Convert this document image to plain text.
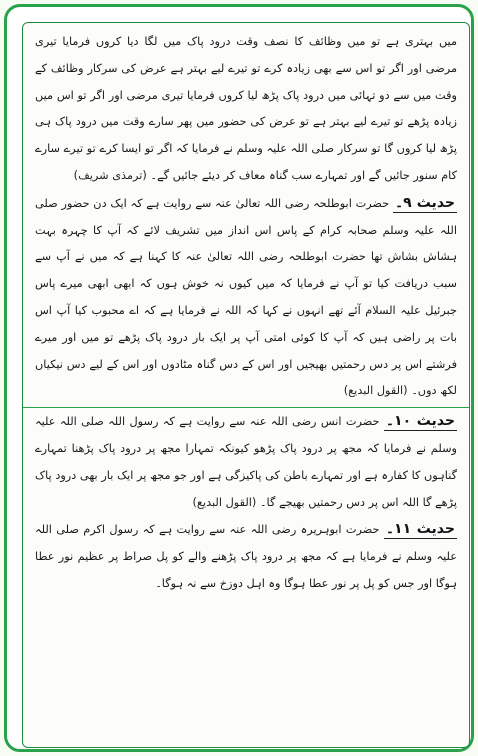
میں بہتری ہے تو میں وظائف کا نصف وقت درود پاک میں لگا دیا کروں فرمایا تیری مرضی اور اگر تو اس سے بھی زیادہ کرے تو تیرے لیے بہتر ہے عرض کی سرکار وظائف کے وقت میں سے دو تہائی میں درود پاک پڑھ لیا کروں فرمایا تیری مرضی اور اگر تو اس میں زیادہ پڑھے تو تیرے لیے بہتر ہے تو عرض کی حضور میں پھر سارے وقت میں درود پاک ہی پڑھ لیا کروں گا تو سرکار صلی اللہ علیہ وسلم نے فرمایا کہ اگر تو ایسا کرے تو تیرے سارے کام سنور جائیں گے اور تمہارے سب گناہ معاف کر دیئے جائیں گے۔ (ترمذی شریف)

حدیث ۹۔ حضرت ابوطلحہ رضی اللہ تعالیٰ عنہ سے روایت ہے کہ ایک دن حضور صلی اللہ علیہ وسلم صحابہ کرام کے پاس اس انداز میں تشریف لائے کہ آپ کا چہرہ بہت ہشاش بشاش تھا حضرت ابوطلحہ رضی اللہ تعالیٰ عنہ کا کہنا ہے کہ میں نے آپ سے سبب دریافت کیا تو آپ نے فرمایا کہ میں کیوں نہ خوش ہوں کہ ابھی ابھی میرے پاس جبرئیل علیہ السلام آئے تھے انہوں نے کہا کہ اللہ نے فرمایا ہے کہ اے محبوب کیا آپ اس بات پر راضی ہیں کہ آپ کا کوئی امتی آپ پر ایک بار درود پاک پڑھے تو میں اور میرے فرشتے اس پر دس رحمتیں بھیجیں اور اس کے دس گناہ مٹادوں اور اس کے لیے دس نیکیاں لکھ دوں۔ (القول البدیع)

حدیث ۱۰۔ حضرت انس رضی اللہ عنہ سے روایت ہے کہ رسول اللہ صلی اللہ علیہ وسلم نے فرمایا کہ مجھ پر درود پاک پڑھو کیونکہ تمہارا مجھ پر درود پاک پڑھنا تمہارے گناہوں کا کفارہ ہے اور تمہارے باطن کی پاکیزگی ہے اور جو مجھ پر ایک بار بھی درود پاک پڑھے گا اللہ اس پر دس رحمتیں بھیجے گا۔ (القول البدیع)

حدیث ۱۱۔ حضرت ابوہریرہ رضی اللہ عنہ سے روایت ہے کہ رسول اکرم صلی اللہ علیہ وسلم نے فرمایا ہے کہ مجھ پر درود پاک پڑھنے والے کو پل صراط پر عظیم نور عطا ہوگا اور جس کو پل پر نور عطا ہوگا وہ اہل دوزخ سے نہ ہوگا۔
